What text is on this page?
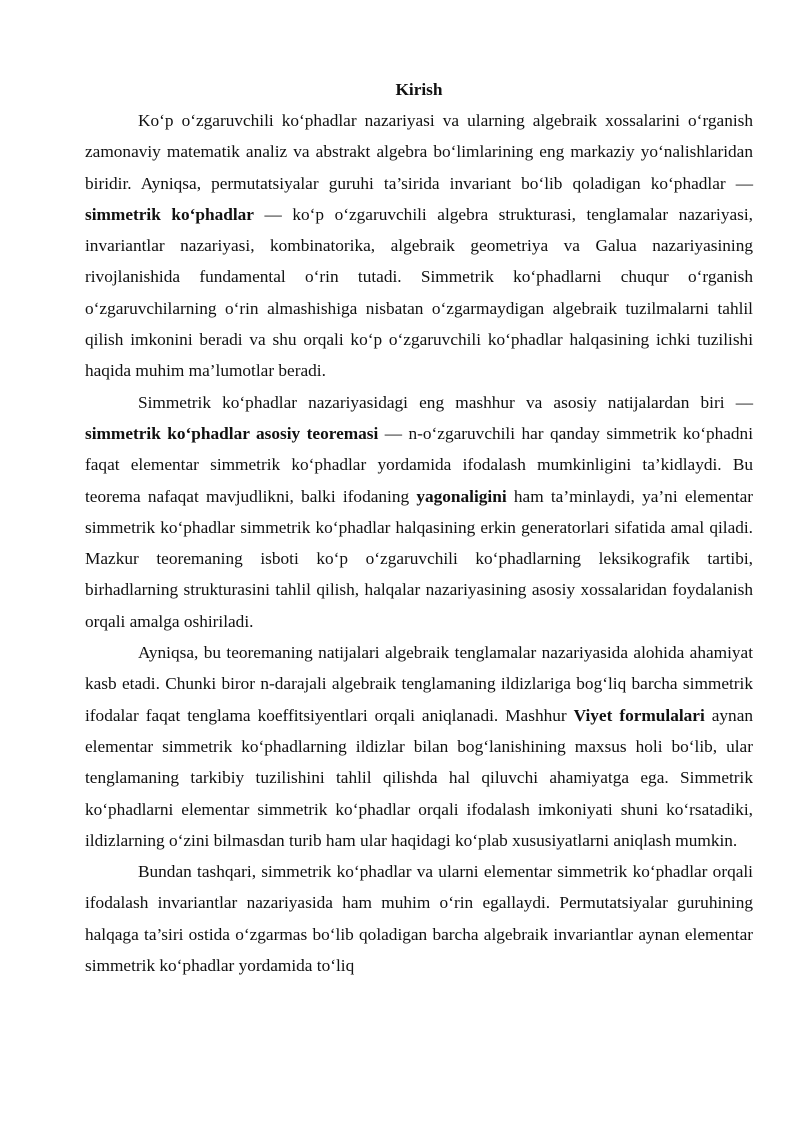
Kirish

Ko‘p o‘zgaruvchili ko‘phadlar nazariyasi va ularning algebraik xossalarini o‘rganish zamonaviy matematik analiz va abstrakt algebra bo‘limlarining eng markaziy yo‘nalishlaridan biridir. Ayniqsa, permutatsiyalar guruhi ta’sirida invariant bo‘lib qoladigan ko‘phadlar — simmetrik ko‘phadlar — ko‘p o‘zgaruvchili algebra strukturasi, tenglamalar nazariyasi, invariantlar nazariyasi, kombinatorika, algebraik geometriya va Galua nazariyasining rivojlanishida fundamental o‘rin tutadi. Simmetrik ko‘phadlarni chuqur o‘rganish o‘zgaruvchilarning o‘rin almashishiga nisbatan o‘zgarmaydigan algebraik tuzilmalarni tahlil qilish imkonini beradi va shu orqali ko‘p o‘zgaruvchili ko‘phadlar halqasining ichki tuzilishi haqida muhim ma’lumotlar beradi.

Simmetrik ko‘phadlar nazariyasidagi eng mashhur va asosiy natijalardan biri — simmetrik ko‘phadlar asosiy teoremasi — n-o‘zgaruvchili har qanday simmetrik ko‘phadni faqat elementar simmetrik ko‘phadlar yordamida ifodalash mumkinligini ta’kidlaydi. Bu teorema nafaqat mavjudlikni, balki ifodaning yagonaligini ham ta’minlaydi, ya’ni elementar simmetrik ko‘phadlar simmetrik ko‘phadlar halqasining erkin generatorlari sifatida amal qiladi. Mazkur teoremaning isboti ko‘p o‘zgaruvchili ko‘phadlarning leksikografik tartibi, birhadlarning strukturasini tahlil qilish, halqalar nazariyasining asosiy xossalaridan foydalanish orqali amalga oshiriladi.

Ayniqsa, bu teoremaning natijalari algebraik tenglamalar nazariyasida alohida ahamiyat kasb etadi. Chunki biror n-darajali algebraik tenglamaning ildizlariga bog‘liq barcha simmetrik ifodalar faqat tenglama koeffitsiyentlari orqali aniqlanadi. Mashhur Viyet formulalari aynan elementar simmetrik ko‘phadlarning ildizlar bilan bog‘lanishining maxsus holi bo‘lib, ular tenglamaning tarkibiy tuzilishini tahlil qilishda hal qiluvchi ahamiyatga ega. Simmetrik ko‘phadlarni elementar simmetrik ko‘phadlar orqali ifodalash imkoniyati shuni ko‘rsatadiki, ildizlarning o‘zini bilmasdan turib ham ular haqidagi ko‘plab xususiyatlarni aniqlash mumkin.

Bundan tashqari, simmetrik ko‘phadlar va ularni elementar simmetrik ko‘phadlar orqali ifodalash invariantlar nazariyasida ham muhim o‘rin egallaydi. Permutatsiyalar guruhining halqaga ta’siri ostida o‘zgarmas bo‘lib qoladigan barcha algebraik invariantlar aynan elementar simmetrik ko‘phadlar yordamida to‘liq
